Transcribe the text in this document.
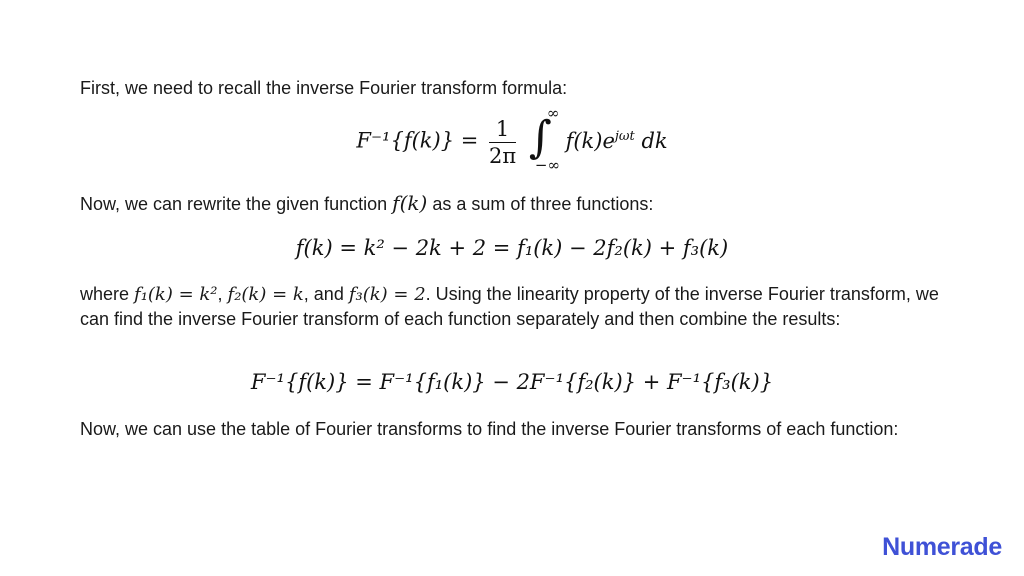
First, we need to recall the inverse Fourier transform formula:
$F^{-1}\{f(k)\} = \frac{1}{2\pi}$
∫
∞
−∞
$f(k)e^{j\omega t}$ dk
Now, we can rewrite the given function f(k) as a sum of three functions:
f(k) = k² − 2k + 2 = f₁(k) − 2f₂(k) + f₃(k)
where f₁(k) = k², f₂(k) = k, and f₃(k) = 2. Using the linearity property of the inverse Fourier transform, we can find the inverse Fourier transform of each function separately and then combine the results:
F⁻¹{f(k)} = F⁻¹{f₁(k)} − 2F⁻¹{f₂(k)} + F⁻¹{f₃(k)}
Now, we can use the table of Fourier transforms to find the inverse Fourier transforms of each function:
Numerade
